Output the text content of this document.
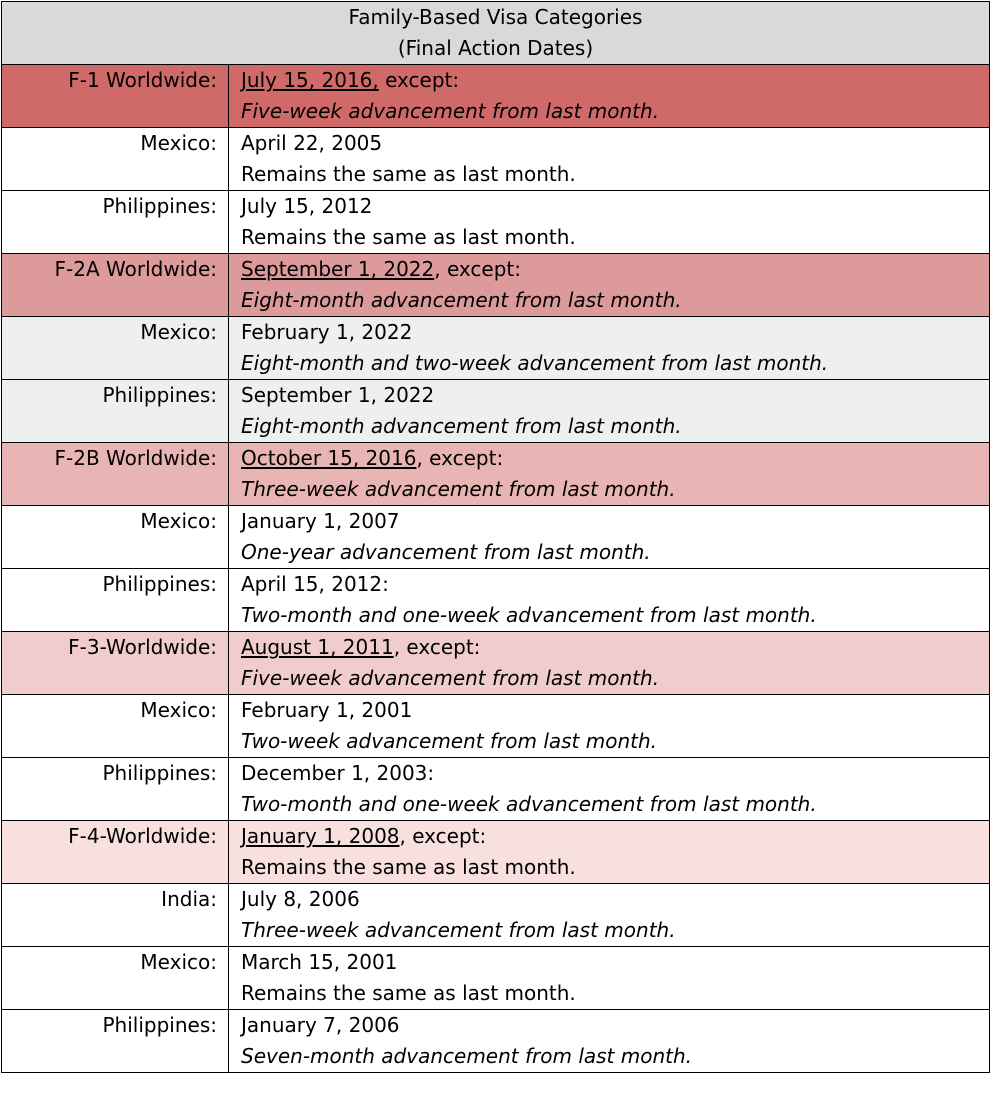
Family-Based Visa Categories
(Final Action Dates)	

F-1 Worldwide:	July 15, 2016, except:
Five-week advancement from last month.

Mexico:	April 22, 2005
Remains the same as last month.

Philippines:	July 15, 2012
Remains the same as last month.

F-2A Worldwide:	September 1, 2022, except:
Eight-month advancement from last month.

Mexico:	February 1, 2022
Eight-month and two-week advancement from last month.

Philippines:	September 1, 2022
Eight-month advancement from last month.

F-2B Worldwide:	October 15, 2016, except:
Three-week advancement from last month.

Mexico:	January 1, 2007
One-year advancement from last month.

Philippines:	April 15, 2012:
Two-month and one-week advancement from last month.

F-3-Worldwide:	August 1, 2011, except:
Five-week advancement from last month.

Mexico:	February 1, 2001
Two-week advancement from last month.

Philippines:	December 1, 2003:
Two-month and one-week advancement from last month.

F-4-Worldwide:	January 1, 2008, except:
Remains the same as last month.

India:	July 8, 2006
Three-week advancement from last month.

Mexico:	March 15, 2001
Remains the same as last month.

Philippines:	January 7, 2006
Seven-month advancement from last month.
